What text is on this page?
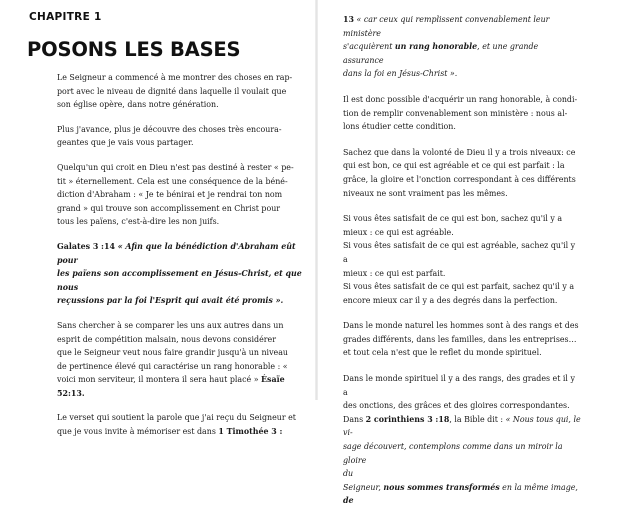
CHAPITRE 1
POSONS LES BASES

Le Seigneur a commencé à me montrer des choses en rap-
port avec le niveau de dignité dans laquelle il voulait que
son église opère, dans notre génération.

Plus j'avance, plus je découvre des choses très encoura-
geantes que je vais vous partager.

Quelqu'un qui croit en Dieu n'est pas destiné à rester « pe-
tit » éternellement. Cela est une conséquence de la béné-
diction d'Abraham : « Je te bénirai et je rendrai ton nom
grand » qui trouve son accomplissement en Christ pour
tous les païens, c'est-à-dire les non juifs.

Galates 3 :14 « Afin que la bénédiction d'Abraham eût pour
les païens son accomplissement en Jésus-Christ, et que nous
reçussions par la foi l'Esprit qui avait été promis ».

Sans chercher à se comparer les uns aux autres dans un
esprit de compétition malsain, nous devons considérer
que le Seigneur veut nous faire grandir jusqu'à un niveau
de pertinence élevé qui caractérise un rang honorable : «
voici mon serviteur, il montera il sera haut placé » Ésaïe
52:13.

Le verset qui soutient la parole que j'ai reçu du Seigneur et
que je vous invite à mémoriser est dans 1 Timothée 3 :

13 « car ceux qui remplissent convenablement leur ministère
s'acquièrent un rang honorable, et une grande assurance
dans la foi en Jésus-Christ ».

Il est donc possible d'acquérir un rang honorable, à condi-
tion de remplir convenablement son ministère : nous al-
lons étudier cette condition.

Sachez que dans la volonté de Dieu il y a trois niveaux: ce
qui est bon, ce qui est agréable et ce qui est parfait : la
grâce, la gloire et l'onction correspondant à ces différents
niveaux ne sont vraiment pas les mêmes.

Si vous êtes satisfait de ce qui est bon, sachez qu'il y a
mieux : ce qui est agréable.
Si vous êtes satisfait de ce qui est agréable, sachez qu'il y a
mieux : ce qui est parfait.
Si vous êtes satisfait de ce qui est parfait, sachez qu'il y a
encore mieux car il y a des degrés dans la perfection.

Dans le monde naturel les hommes sont à des rangs et des
grades différents, dans les familles, dans les entreprises…
et tout cela n'est que le reflet du monde spirituel.

Dans le monde spirituel il y a des rangs, des grades et il y a
des onctions, des grâces et des gloires correspondantes.
Dans 2 corinthiens 3 :18, la Bible dit : « Nous tous qui, le vi-
sage découvert, contemplons comme dans un miroir la gloire
du
Seigneur, nous sommes transformés en la même image, de
